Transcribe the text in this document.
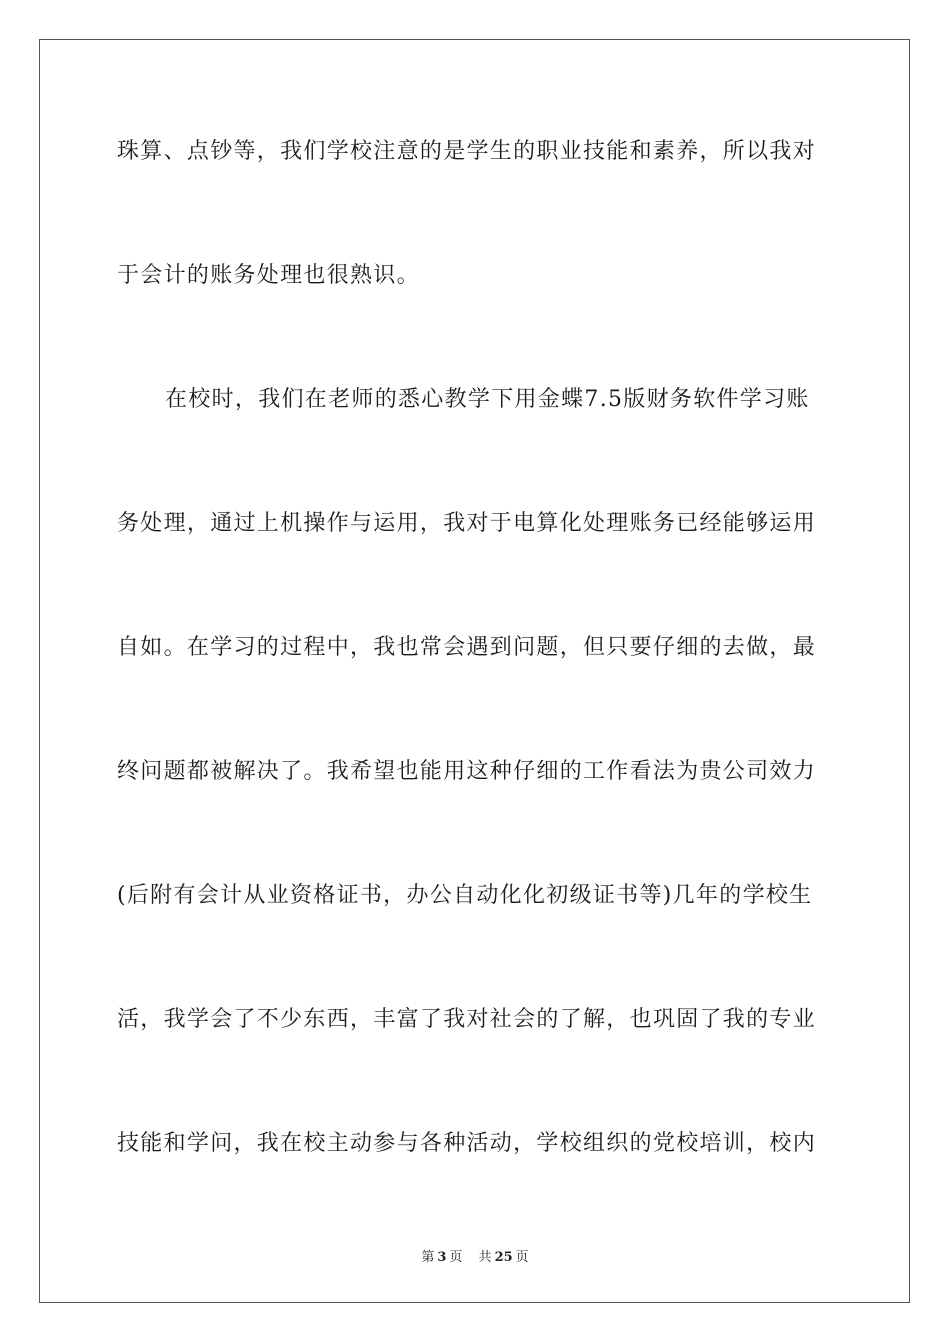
珠算、点钞等，我们学校注意的是学生的职业技能和素养，所以我对
于会计的账务处理也很熟识。
在校时，我们在老师的悉心教学下用金蝶7.5版财务软件学习账
务处理，通过上机操作与运用，我对于电算化处理账务已经能够运用
自如。在学习的过程中，我也常会遇到问题，但只要仔细的去做，最
终问题都被解决了。我希望也能用这种仔细的工作看法为贵公司效力
(后附有会计从业资格证书，办公自动化化初级证书等)几年的学校生
活，我学会了不少东西，丰富了我对社会的了解，也巩固了我的专业
技能和学问，我在校主动参与各种活动，学校组织的党校培训，校内
第 3 页 共 25 页
